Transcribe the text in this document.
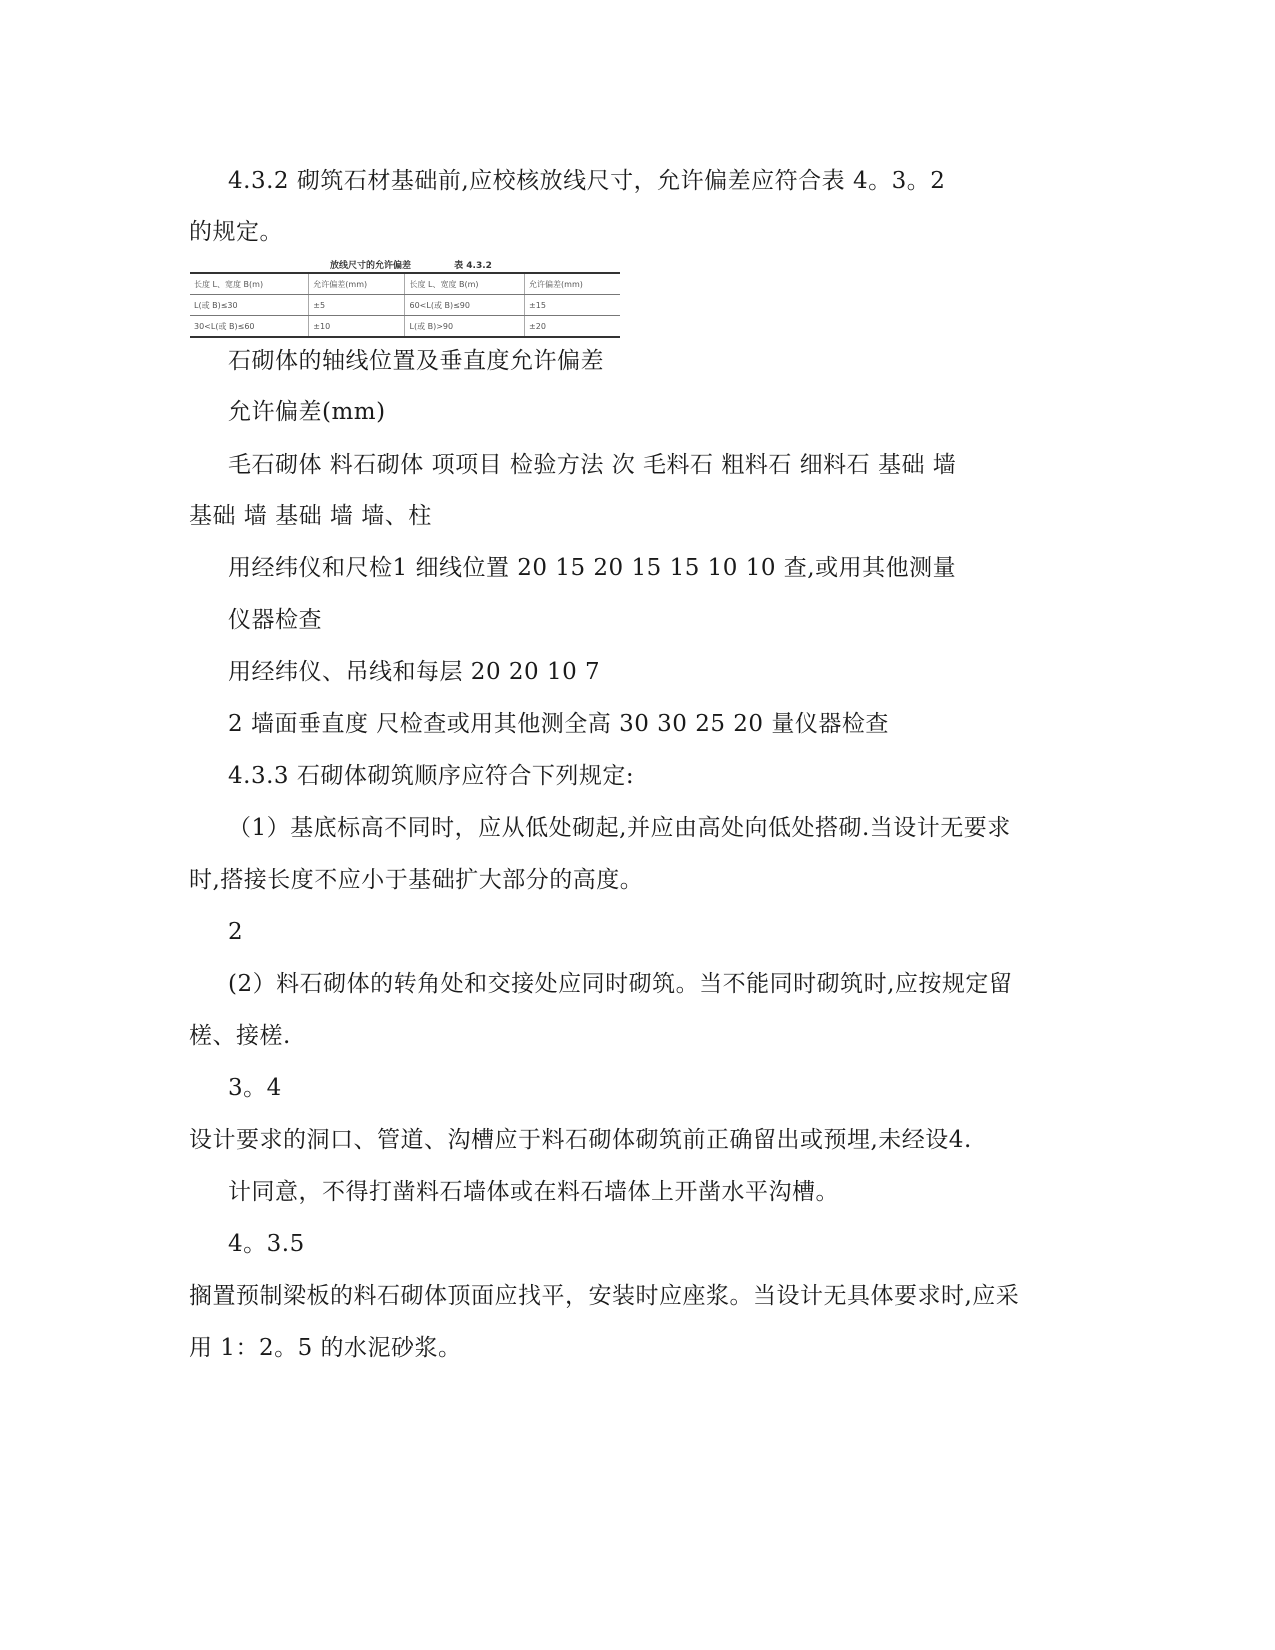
4.3.2 砌筑石材基础前,应校核放线尺寸，允许偏差应符合表 4。3。2
的规定。
放线尺寸的允许偏差	表 4.3.2
长度 L、宽度 B(m)	允许偏差(mm)	长度 L、宽度 B(m)	允许偏差(mm)
L(或 B)≤30	±5	60<L(或 B)≤90	±15
30<L(或 B)≤60	±10	L(或 B)>90	±20
石砌体的轴线位置及垂直度允许偏差
允许偏差(mm)
毛石砌体 料石砌体 项项目 检验方法 次 毛料石 粗料石 细料石 基础 墙
基础 墙 基础 墙 墙、柱
用经纬仪和尺检1 细线位置 20 15 20 15 15 10 10 查,或用其他测量
仪器检查
用经纬仪、吊线和每层 20 20 10 7
2 墙面垂直度 尺检查或用其他测全高 30 30 25 20 量仪器检查
4.3.3 石砌体砌筑顺序应符合下列规定:
（1）基底标高不同时，应从低处砌起,并应由高处向低处搭砌.当设计无要求
时,搭接长度不应小于基础扩大部分的高度。
2
(2）料石砌体的转角处和交接处应同时砌筑。当不能同时砌筑时,应按规定留
槎、接槎.
3。4
设计要求的洞口、管道、沟槽应于料石砌体砌筑前正确留出或预埋,未经设4.
计同意，不得打凿料石墙体或在料石墙体上开凿水平沟槽。
4。3.5
搁置预制梁板的料石砌体顶面应找平，安装时应座浆。当设计无具体要求时,应采
用 1：2。5 的水泥砂浆。
